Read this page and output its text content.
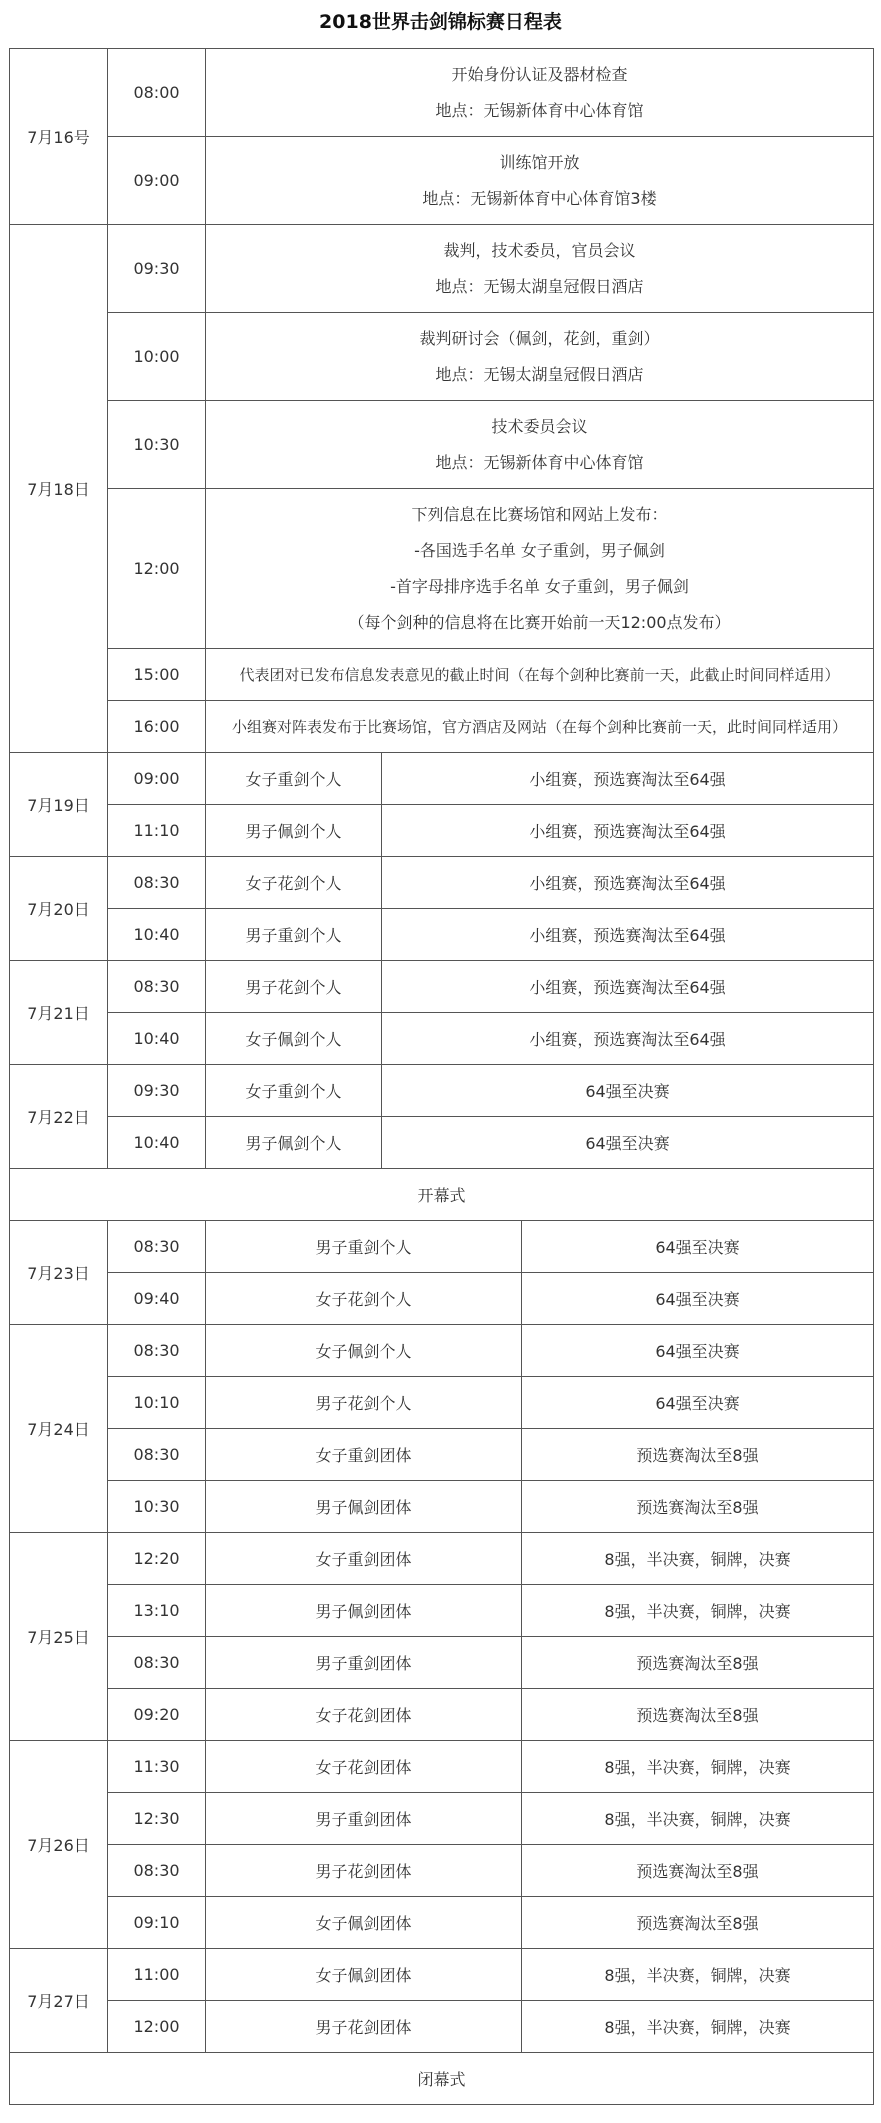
2018世界击剑锦标赛日程表
7月16号	08:00	开始身份认证及器材检查
地点：无锡新体育中心体育馆		

	09:00	训练馆开放
地点：无锡新体育中心体育馆3楼		

7月18日	09:30	裁判，技术委员，官员会议
地点：无锡太湖皇冠假日酒店		

	10:00	裁判研讨会（佩剑，花剑，重剑）
地点：无锡太湖皇冠假日酒店		

	10:30	技术委员会议
地点：无锡新体育中心体育馆		

	12:00	下列信息在比赛场馆和网站上发布：
-各国选手名单 女子重剑，男子佩剑
-首字母排序选手名单 女子重剑，男子佩剑
（每个剑种的信息将在比赛开始前一天12:00点发布）		

	15:00	代表团对已发布信息发表意见的截止时间（在每个剑种比赛前一天，此截止时间同样适用）		
	16:00	小组赛对阵表发布于比赛场馆，官方酒店及网站（在每个剑种比赛前一天，此时间同样适用）		
7月19日	09:00	女子重剑个人	小组赛，预选赛淘汰至64强	
	11:10	男子佩剑个人	小组赛，预选赛淘汰至64强	
7月20日	08:30	女子花剑个人	小组赛，预选赛淘汰至64强	
	10:40	男子重剑个人	小组赛，预选赛淘汰至64强	
7月21日	08:30	男子花剑个人	小组赛，预选赛淘汰至64强	
	10:40	女子佩剑个人	小组赛，预选赛淘汰至64强	
7月22日	09:30	女子重剑个人	64强至决赛	
	10:40	男子佩剑个人	64强至决赛	
开幕式				
7月23日	08:30	男子重剑个人		64强至决赛
	09:40	女子花剑个人		64强至决赛
7月24日	08:30	女子佩剑个人		64强至决赛
	10:10	男子花剑个人		64强至决赛
	08:30	女子重剑团体		预选赛淘汰至8强
	10:30	男子佩剑团体		预选赛淘汰至8强
7月25日	12:20	女子重剑团体		8强，半决赛，铜牌，决赛
	13:10	男子佩剑团体		8强，半决赛，铜牌，决赛
	08:30	男子重剑团体		预选赛淘汰至8强
	09:20	女子花剑团体		预选赛淘汰至8强
7月26日	11:30	女子花剑团体		8强，半决赛，铜牌，决赛
	12:30	男子重剑团体		8强，半决赛，铜牌，决赛
	08:30	男子花剑团体		预选赛淘汰至8强
	09:10	女子佩剑团体		预选赛淘汰至8强
7月27日	11:00	女子佩剑团体		8强，半决赛，铜牌，决赛
	12:00	男子花剑团体		8强，半决赛，铜牌，决赛
闭幕式				
